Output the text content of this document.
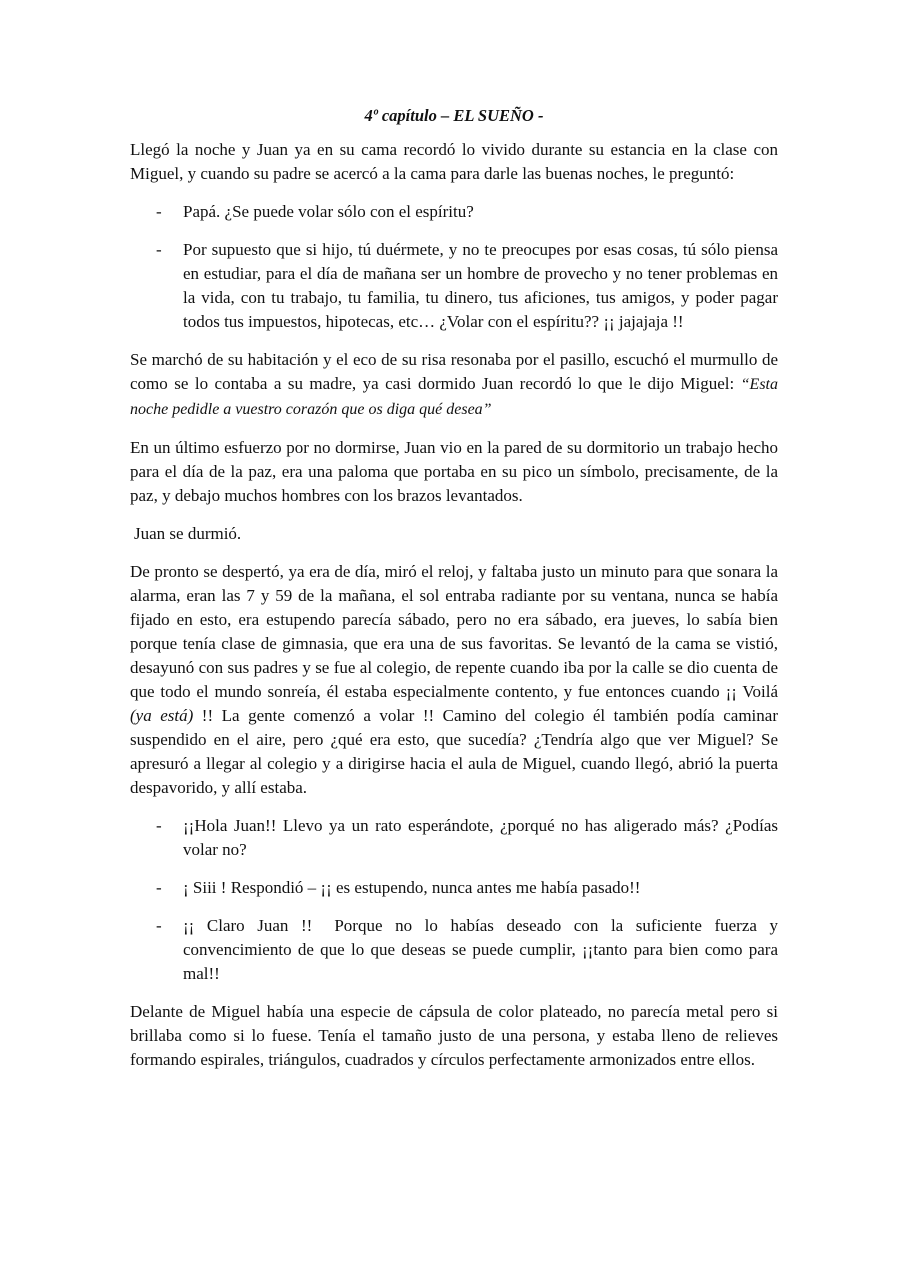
4º capítulo – EL SUEÑO -

Llegó la noche y Juan ya en su cama recordó lo vivido durante su estancia en la clase con Miguel, y cuando su padre se acercó a la cama para darle las buenas noches, le preguntó:

- Papá. ¿Se puede volar sólo con el espíritu?
- Por supuesto que si hijo, tú duérmete, y no te preocupes por esas cosas, tú sólo piensa en estudiar, para el día de mañana ser un hombre de provecho y no tener problemas en la vida, con tu trabajo, tu familia, tu dinero, tus aficiones, tus amigos, y poder pagar todos tus impuestos, hipotecas, etc… ¿Volar con el espíritu?? ¡¡ jajajaja !!

Se marchó de su habitación y el eco de su risa resonaba por el pasillo, escuchó el murmullo de como se lo contaba a su madre, ya casi dormido Juan recordó lo que le dijo Miguel: “Esta noche pedidle a vuestro corazón que os diga qué desea”

En un último esfuerzo por no dormirse, Juan vio en la pared de su dormitorio un trabajo hecho para el día de la paz, era una paloma que portaba en su pico un símbolo, precisamente, de la paz, y debajo muchos hombres con los brazos levantados.

Juan se durmió.

De pronto se despertó, ya era de día, miró el reloj, y faltaba justo un minuto para que sonara la alarma, eran las 7 y 59 de la mañana, el sol entraba radiante por su ventana, nunca se había fijado en esto, era estupendo parecía sábado, pero no era sábado, era jueves, lo sabía bien porque tenía clase de gimnasia, que era una de sus favoritas. Se levantó de la cama se vistió, desayunó con sus padres y se fue al colegio, de repente cuando iba por la calle se dio cuenta de que todo el mundo sonreía, él estaba especialmente contento, y fue entonces cuando ¡¡ Voilá (ya está) !! La gente comenzó a volar !! Camino del colegio él también podía caminar suspendido en el aire, pero ¿qué era esto, que sucedía? ¿Tendría algo que ver Miguel? Se apresuró a llegar al colegio y a dirigirse hacia el aula de Miguel, cuando llegó, abrió la puerta despavorido, y allí estaba.

- ¡¡Hola Juan!! Llevo ya un rato esperándote, ¿porqué no has aligerado más? ¿Podías volar no?
- ¡ Siii ! Respondió – ¡¡ es estupendo, nunca antes me había pasado!!
- ¡¡ Claro Juan !! Porque no lo habías deseado con la suficiente fuerza y convencimiento de que lo que deseas se puede cumplir, ¡¡tanto para bien como para mal!!

Delante de Miguel había una especie de cápsula de color plateado, no parecía metal pero si brillaba como si lo fuese. Tenía el tamaño justo de una persona, y estaba lleno de relieves formando espirales, triángulos, cuadrados y círculos perfectamente armonizados entre ellos.
